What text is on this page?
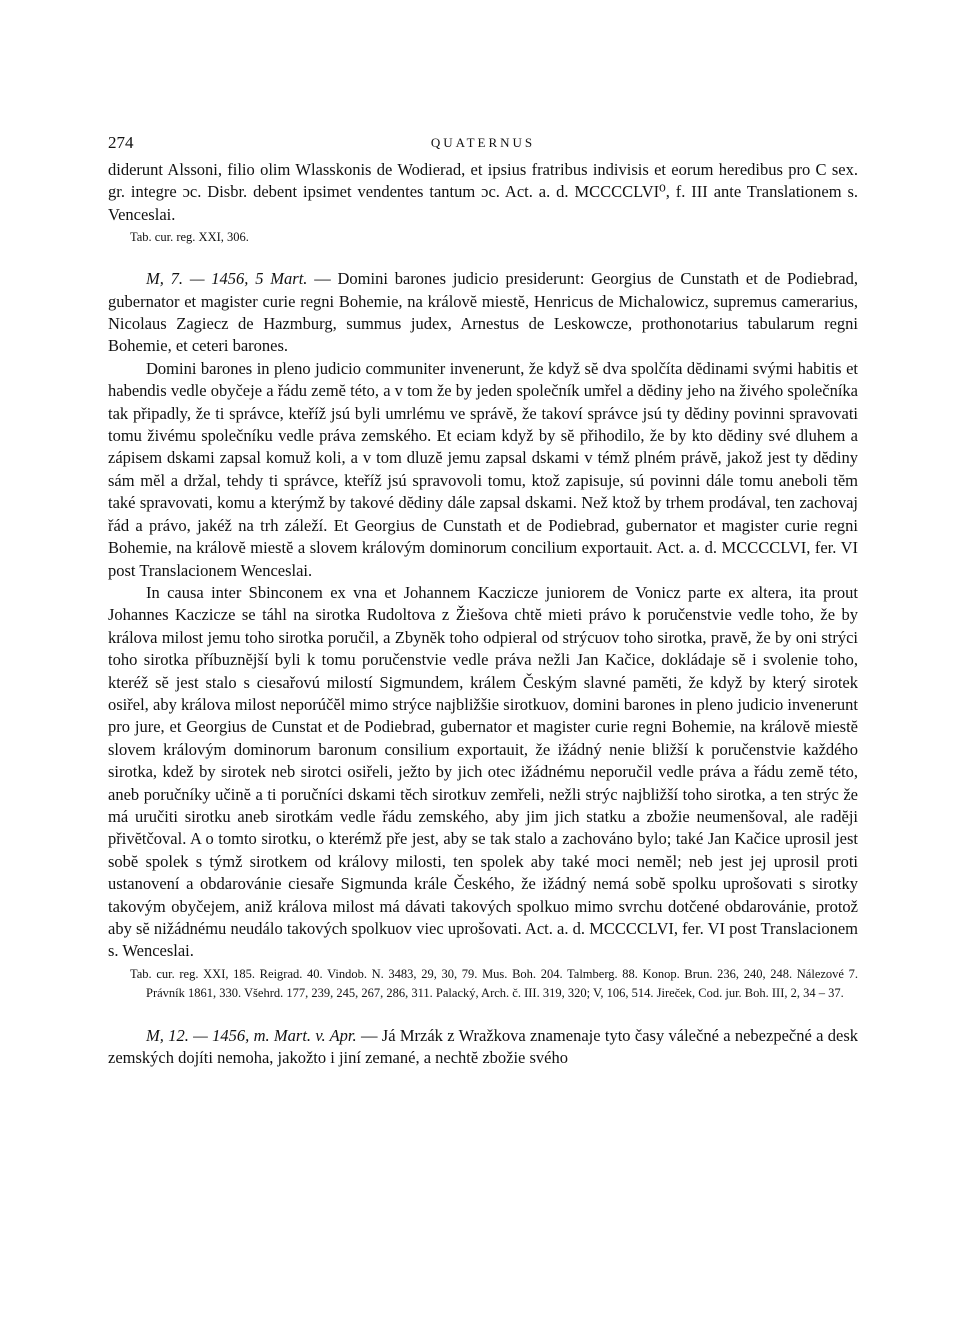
274	QUATERNUS

diderunt Alssoni, filio olim Wlasskonis de Wodierad, et ipsius fratribus indivisis et eorum heredibus pro C sex. gr. integre ɔc. Disbr. debent ipsimet vendentes tantum ɔc. Act. a. d. MCCCCLVI⁰, f. III ante Translationem s. Venceslai.

Tab. cur. reg. XXI, 306.

M, 7. — 1456, 5 Mart. — Domini barones judicio presiderunt: Georgius de Cunstath et de Podiebrad, gubernator et magister curie regni Bohemie, na královĕ miestĕ, Henricus de Michalowicz, supremus camerarius, Nicolaus Zagiecz de Hazmburg, summus judex, Arnestus de Leskowcze, prothonotarius tabularum regni Bohemie, et ceteri barones.

Domini barones in pleno judicio communiter invenerunt, že když sĕ dva spolčíta dĕdinami svými habitis et habendis vedle obyčeje a řádu zemĕ této, a v tom že by jeden společník umřel a dĕdiny jeho na živého společníka tak připadly, že ti správce, kteříž jsú byli umrlému ve správĕ, že takoví správce jsú ty dĕdiny povinni spravovati tomu živému společníku vedle práva zemského. Et eciam když by sĕ přihodilo, že by kto dĕdiny své dluhem a zápisem dskami zapsal komuž koli, a v tom dluzĕ jemu zapsal dskami v témž plném právĕ, jakož jest ty dĕdiny sám mĕl a držal, tehdy ti správce, kteříž jsú spravovoli tomu, ktož zapisuje, sú povinni dále tomu aneboli tĕm také spravovati, komu a kterýmž by takové dĕdiny dále zapsal dskami. Než ktož by trhem prodával, ten zachovaj řád a právo, jakéž na trh záleží. Et Georgius de Cunstath et de Podiebrad, gubernator et magister curie regni Bohemie, na královĕ miestĕ a slovem královým dominorum concilium exportauit. Act. a. d. MCCCCLVI, fer. VI post Translacionem Wenceslai.

In causa inter Sbinconem ex vna et Johannem Kaczicze juniorem de Vonicz parte ex altera, ita prout Johannes Kaczicze se táhl na sirotka Rudoltova z Žiešova chtĕ mieti právo k poručenstvie vedle toho, že by králova milost jemu toho sirotka poručil, a Zbynĕk toho odpieral od strýcuov toho sirotka, pravĕ, že by oni strýci toho sirotka příbuznĕjší byli k tomu poručenstvie vedle práva nežli Jan Kačice, dokládaje sĕ i svolenie toho, kteréž sĕ jest stalo s ciesařovú milostí Sigmundem, králem Českým slavné pamĕti, že když by který sirotek osiřel, aby králova milost neporúčĕl mimo strýce najbližšie sirotkuov, domini barones in pleno judicio invenerunt pro jure, et Georgius de Cunstat et de Podiebrad, gubernator et magister curie regni Bohemie, na královĕ miestĕ slovem královým dominorum baronum consilium exportauit, že ižádný nenie bližší k poručenstvie každého sirotka, kdež by sirotek neb sirotci osiřeli, ježto by jich otec ižádnému neporučil vedle práva a řádu zemĕ této, aneb poručníky učinĕ a ti poručníci dskami tĕch sirotkuv zemřeli, nežli strýc najbližší toho sirotka, a ten strýc že má uručiti sirotku aneb sirotkám vedle řádu zemského, aby jim jich statku a zbožie neumenšoval, ale radĕji přivĕtčoval. A o tomto sirotku, o kterémž pře jest, aby se tak stalo a zachováno bylo; také Jan Kačice uprosil jest sobĕ spolek s týmž sirotkem od královy milosti, ten spolek aby také moci nemĕl; neb jest jej uprosil proti ustanovení a obdarovánie ciesaře Sigmunda krále Českého, že ižádný nemá sobĕ spolku uprošovati s sirotky takovým obyčejem, aniž králova milost má dávati takových spolkuo mimo svrchu dotčené obdarovánie, protož aby sĕ nižádnému neudálo takových spolkuov viec uprošovati. Act. a. d. MCCCCLVI, fer. VI post Translacionem s. Wenceslai.

Tab. cur. reg. XXI, 185. Reigrad. 40. Vindob. N. 3483, 29, 30, 79. Mus. Boh. 204. Talmberg. 88. Konop. Brun. 236, 240, 248. Nálezové 7. Právník 1861, 330. Všehrd. 177, 239, 245, 267, 286, 311. Palacký, Arch. č. III. 319, 320; V, 106, 514. Jireček, Cod. jur. Boh. III, 2, 34 – 37.

M, 12. — 1456, m. Mart. v. Apr. — Já Mrzák z Wražkova znamenaje tyto časy válečné a nebezpečné a desk zemských dojíti nemoha, jakožto i jiní zemané, a nechtĕ zbožie svého
